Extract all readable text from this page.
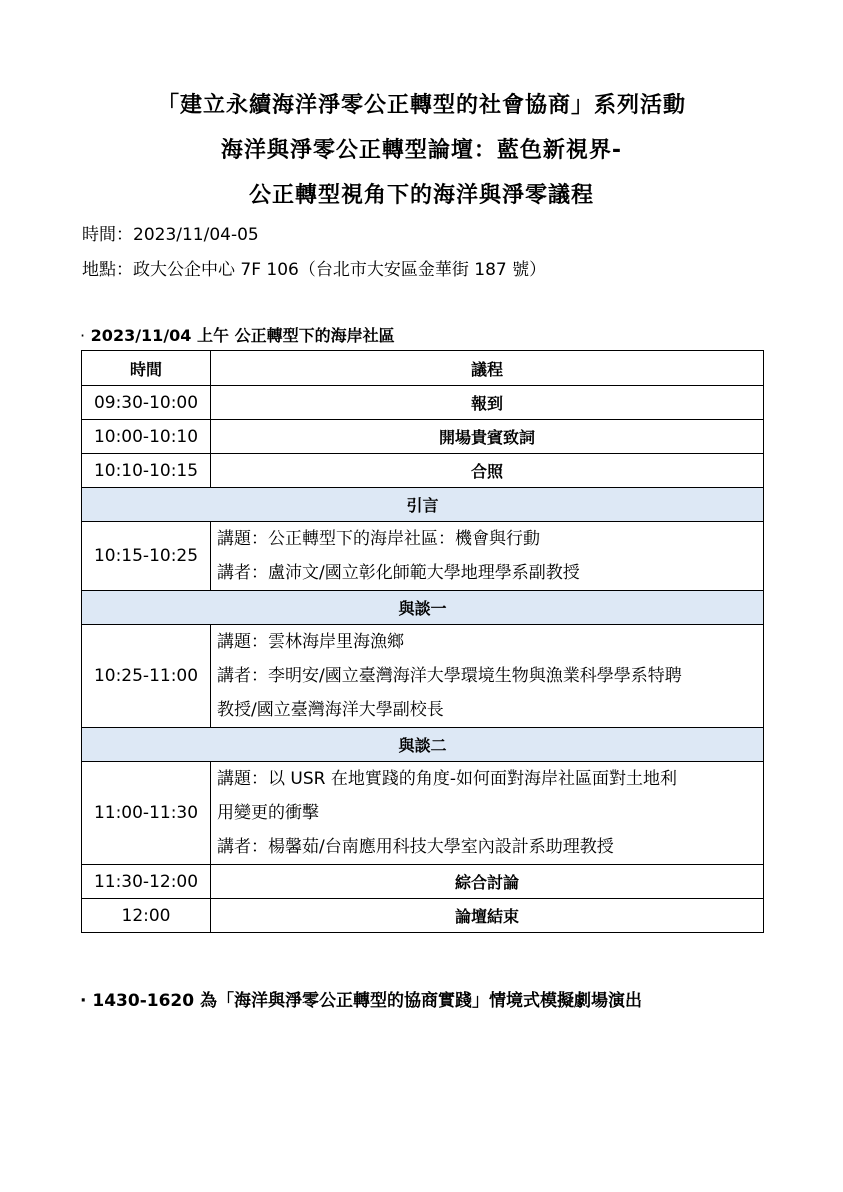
「建立永續海洋淨零公正轉型的社會協商」系列活動
海洋與淨零公正轉型論壇：藍色新視界-
公正轉型視角下的海洋與淨零議程
時間：2023/11/04-05
地點：政大公企中心 7F 106（台北市大安區金華街 187 號）
· 2023/11/04 上午 公正轉型下的海岸社區
時間	議程
09:30-10:00	報到
10:00-10:10	開場貴賓致詞
10:10-10:15	合照
引言	
10:15-10:25	講題：公正轉型下的海岸社區：機會與行動
講者：盧沛文/國立彰化師範大學地理學系副教授

與談一	
10:25-11:00	講題：雲林海岸里海漁鄉
講者：李明安/國立臺灣海洋大學環境生物與漁業科學學系特聘
教授/國立臺灣海洋大學副校長

與談二	
11:00-11:30	講題：以 USR 在地實踐的角度-如何面對海岸社區面對土地利
用變更的衝擊
講者：楊馨茹/台南應用科技大學室內設計系助理教授

11:30-12:00	綜合討論
12:00	論壇結束
· 1430-1620 為「海洋與淨零公正轉型的協商實踐」情境式模擬劇場演出
